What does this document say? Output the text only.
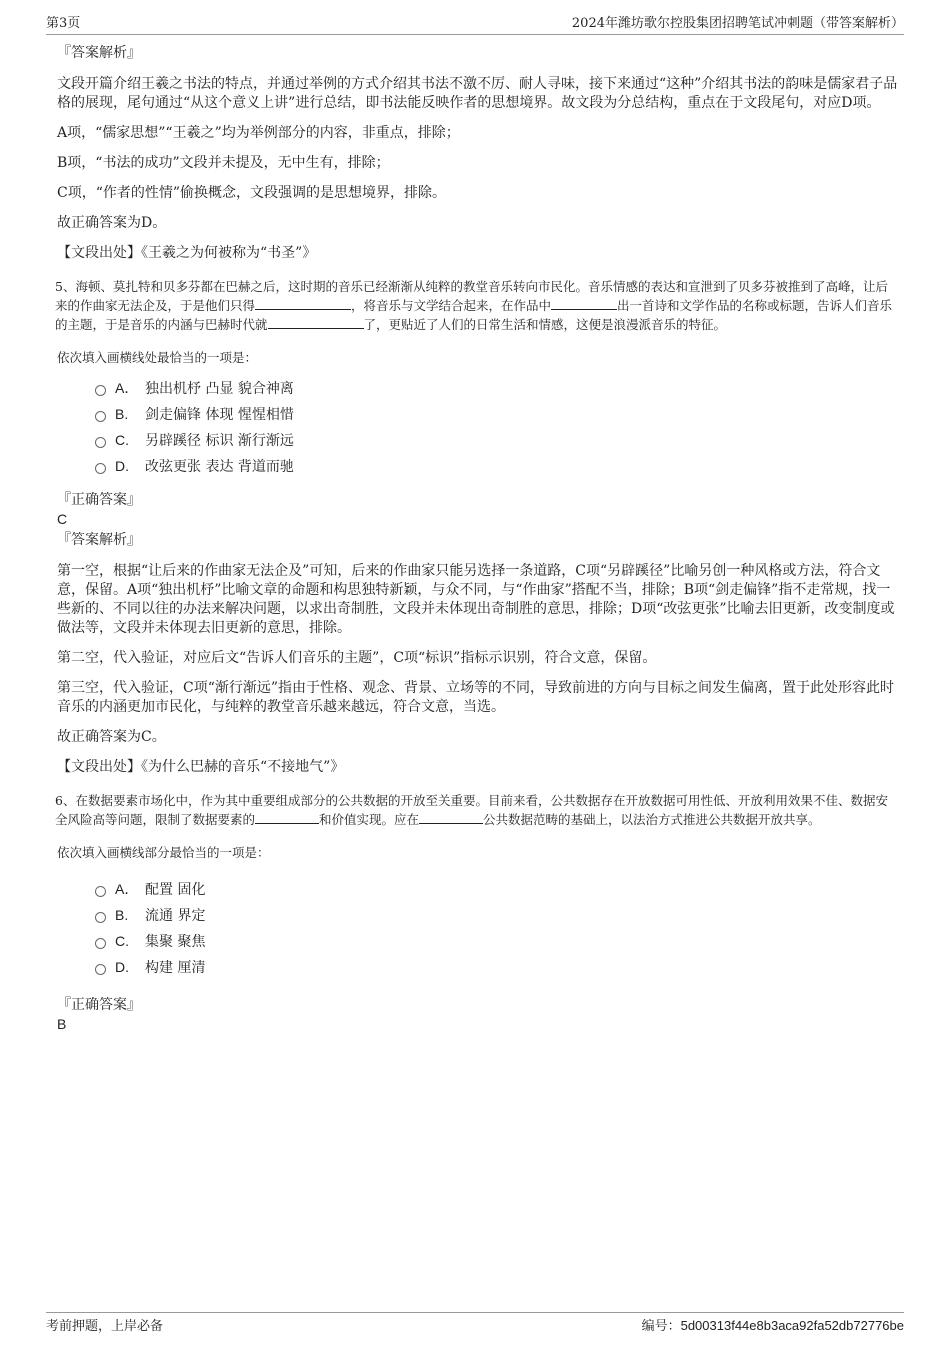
第3页	2024年潍坊歌尔控股集团招聘笔试冲刺题（带答案解析）
『答案解析』

文段开篇介绍王羲之书法的特点，并通过举例的方式介绍其书法不激不厉、耐人寻味，接下来通过“这种”介绍其书法的韵味是儒家君子品格的展现，尾句通过“从这个意义上讲”进行总结，即书法能反映作者的思想境界。故文段为分总结构，重点在于文段尾句，对应D项。

A项，“儒家思想”“王羲之”均为举例部分的内容，非重点，排除；

B项，“书法的成功”文段并未提及，无中生有，排除；

C项，“作者的性情”偷换概念，文段强调的是思想境界，排除。

故正确答案为D。

【文段出处】《王羲之为何被称为“书圣”》

5、海顿、莫扎特和贝多芬都在巴赫之后，这时期的音乐已经渐渐从纯粹的教堂音乐转向市民化。音乐情感的表达和宣泄到了贝多芬被推到了高峰，让后来的作曲家无法企及，于是他们只得	，将音乐与文学结合起来，在作品中	出一首诗和文学作品的名称或标题，告诉人们音乐的主题，于是音乐的内涵与巴赫时代就	了，更贴近了人们的日常生活和情感，这便是浪漫派音乐的特征。

依次填入画横线处最恰当的一项是：
A． 独出机杼 凸显 貌合神离
B.	剑走偏锋 体现 惺惺相惜
C.	另辟蹊径 标识 渐行渐远
D.	改弦更张 表达 背道而驰
『正确答案』
C
『答案解析』

第一空，根据“让后来的作曲家无法企及”可知，后来的作曲家只能另选择一条道路，C项“另辟蹊径”比喻另创一种风格或方法，符合文意，保留。A项“独出机杼”比喻文章的命题和构思独特新颖，与众不同，与“作曲家”搭配不当，排除；B项“剑走偏锋”指不走常规，找一些新的、不同以往的办法来解决问题，以求出奇制胜，文段并未体现出奇制胜的意思，排除；D项“改弦更张”比喻去旧更新，改变制度或做法等，文段并未体现去旧更新的意思，排除。

第二空，代入验证，对应后文“告诉人们音乐的主题”，C项“标识”指标示识别，符合文意，保留。

第三空，代入验证，C项“渐行渐远”指由于性格、观念、背景、立场等的不同，导致前进的方向与目标之间发生偏离，置于此处形容此时音乐的内涵更加市民化，与纯粹的教堂音乐越来越远，符合文意，当选。

故正确答案为C。

【文段出处】《为什么巴赫的音乐“不接地气”》

6、在数据要素市场化中，作为其中重要组成部分的公共数据的开放至关重要。目前来看，公共数据存在开放数据可用性低、开放利用效果不佳、数据安全风险高等问题，限制了数据要素的	和价值实现。应在	公共数据范畴的基础上，以法治方式推进公共数据开放共享。

依次填入画横线部分最恰当的一项是：
A． 配置 固化
B.	流通 界定
C.	集聚 聚焦
D.	构建 厘清
『正确答案』
B
考前押题，上岸必备	编号：5d00313f44e8b3aca92fa52db72776be
